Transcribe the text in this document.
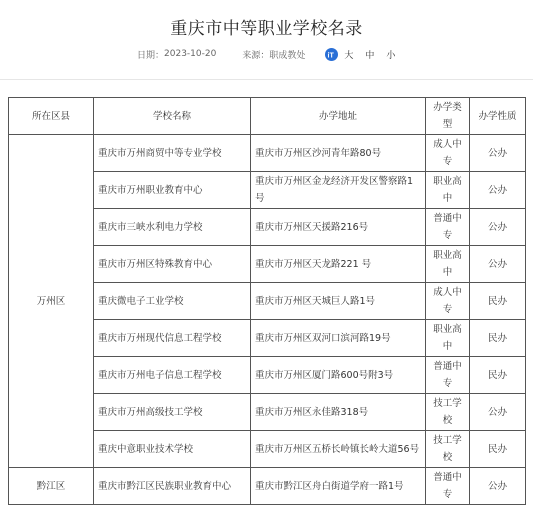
重庆市中等职业学校名录
日期： 2023-10-20	来源： 职成教处	iT 大 中 小
所在区县	学校名称	办学地址	办学类型	办学性质
万州区	重庆市万州商贸中等专业学校	重庆市万州区沙河青年路80号	成人中专	公办
	重庆市万州职业教育中心	重庆市万州区金龙经济开发区警察路1号	职业高中	公办
	重庆市三峡水利电力学校	重庆市万州区天援路216号	普通中专	公办
	重庆市万州区特殊教育中心	重庆市万州区天龙路221 号	职业高中	公办
	重庆微电子工业学校	重庆市万州区天城巨人路1号	成人中专	民办
	重庆市万州现代信息工程学校	重庆市万州区双河口滨河路19号	职业高中	民办
	重庆市万州电子信息工程学校	重庆市万州区厦门路600号附3号	普通中专	民办
	重庆市万州高级技工学校	重庆市万州区永佳路318号	技工学校	公办
	重庆中意职业技术学校	重庆市万州区五桥长岭镇长岭大道56号	技工学校	民办
黔江区	重庆市黔江区民族职业教育中心	重庆市黔江区舟白街道学府一路1号	普通中专	公办
